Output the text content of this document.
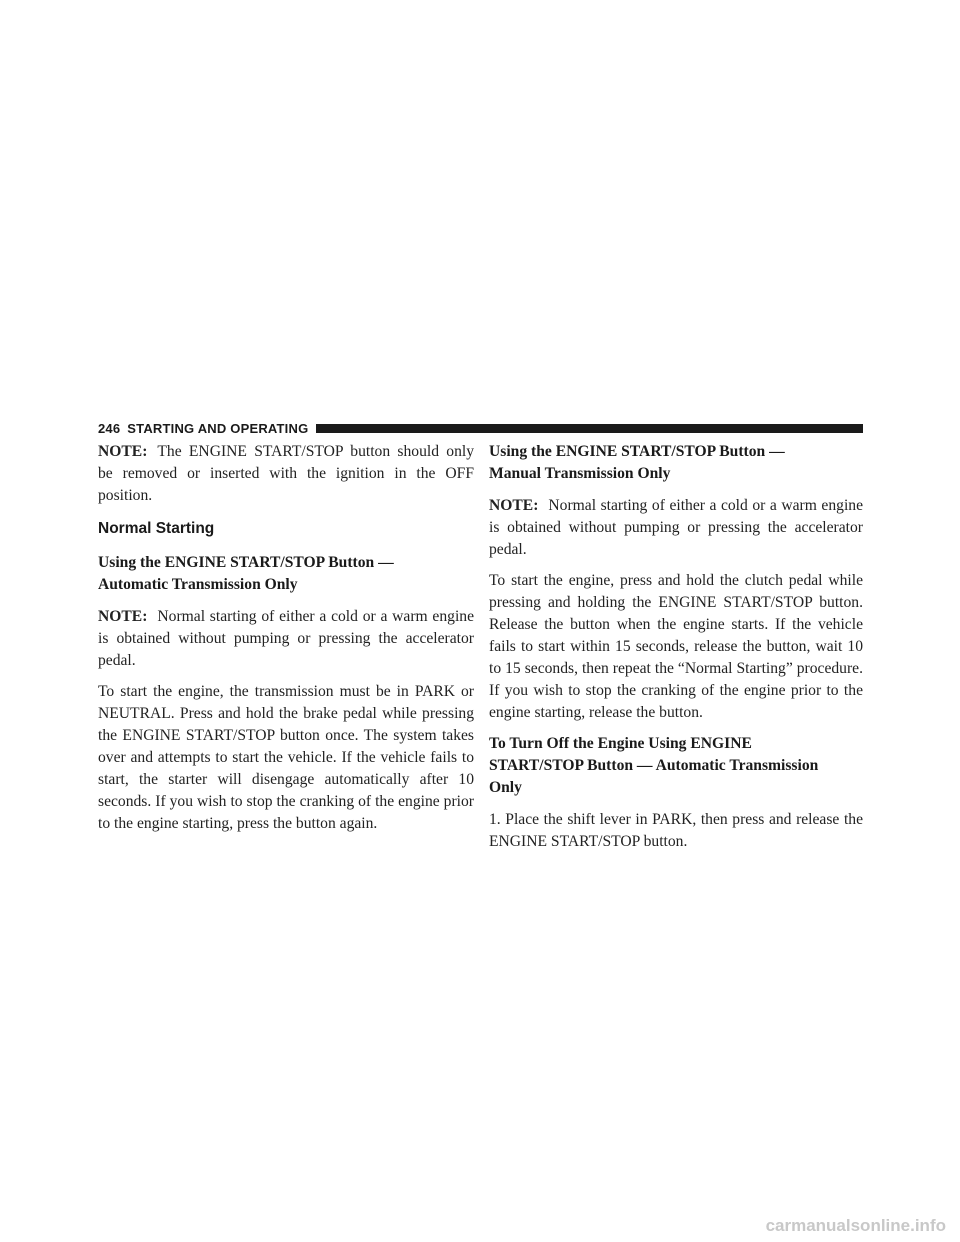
246 STARTING AND OPERATING

NOTE: The ENGINE START/STOP button should only be removed or inserted with the ignition in the OFF position.

Normal Starting
Using the ENGINE START/STOP Button —
Automatic Transmission Only

NOTE: Normal starting of either a cold or a warm engine is obtained without pumping or pressing the accelerator pedal.

To start the engine, the transmission must be in PARK or NEUTRAL. Press and hold the brake pedal while pressing the ENGINE START/STOP button once. The system takes over and attempts to start the vehicle. If the vehicle fails to start, the starter will disengage automatically after 10 seconds. If you wish to stop the cranking of the engine prior to the engine starting, press the button again.

Using the ENGINE START/STOP Button —
Manual Transmission Only

NOTE: Normal starting of either a cold or a warm engine is obtained without pumping or pressing the accelerator pedal.

To start the engine, press and hold the clutch pedal while pressing and holding the ENGINE START/STOP button. Release the button when the engine starts. If the vehicle fails to start within 15 seconds, release the button, wait 10 to 15 seconds, then repeat the “Normal Starting” procedure. If you wish to stop the cranking of the engine prior to the engine starting, release the button.

To Turn Off the Engine Using ENGINE
START/STOP Button — Automatic Transmission
Only

1. Place the shift lever in PARK, then press and release the ENGINE START/STOP button.

carmanualsonline.info
